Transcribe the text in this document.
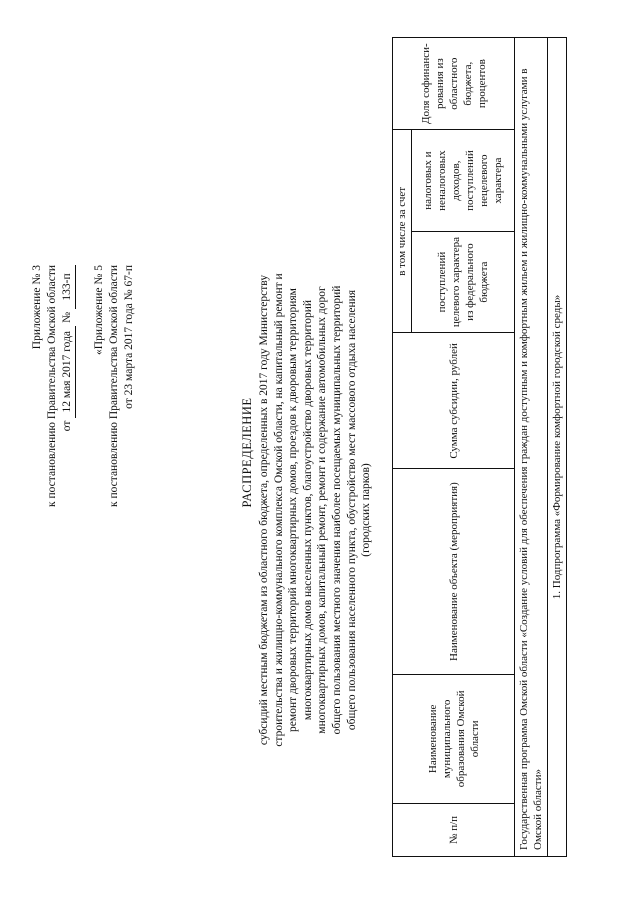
Приложение № 3 к постановлению Правительства Омской области от 12 мая 2017 года № 133-п «Приложение № 5 к постановлению Правительства Омской области от 23 марта 2017 года № 67-п
РАСПРЕДЕЛЕНИЕ субсидий местным бюджетам из областного бюджета, определенных в 2017 году Министерству строительства и жилищно-коммунального комплекса Омской области, на капитальный ремонт и ремонт дворовых территорий многоквартирных домов, проездов к дворовым территориям многоквартирных домов населенных пунктов, благоустройство дворовых территорий многоквартирных домов, капитальный ремонт, ремонт и содержание автомобильных дорог общего пользования местного значения наиболее посещаемых муниципальных территорий общего пользования населенного пункта, обустройство мест массового отдыха населения (городских парков)
№ п/п	Наименование муниципального образования Омской области	Наименование объекта (мероприятия)	Сумма субсидии, рублей	в том числе за счет		Доля софинанси-рования из областного бюджета, процентов
				поступлений целевого характера из федерального бюджета	налоговых и неналоговых доходов, поступлений нецелевого характера	
Государственная программа Омской области «Создание условий для обеспечения граждан доступным и комфортным жильем и жилищно-коммунальными услугами в Омской области»						
1. Подпрограмма «Формирование комфортной городской среды»						
